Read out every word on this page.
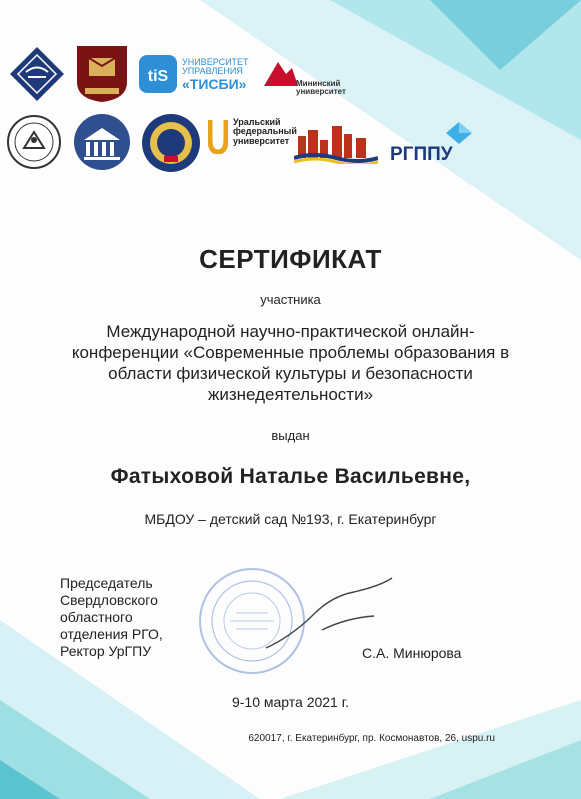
tiS
УНИВЕРСИТЕТ
УПРАВЛЕНИЯ
«ТИСБИ»	Мининский
университет
Уральский
федеральный
университет
РГППУ
СЕРТИФИКАТ
участника
Международной научно-практической онлайн-
конференции «Современные проблемы образования в
области физической культуры и безопасности
жизнедеятельности»
выдан
Фатыховой Наталье Васильевне,
МБДОУ – детский сад №193, г. Екатеринбург
Председатель
Свердловского
областного
отделения РГО,
Ректор УрГПУ	С.А. Минюрова
9-10 марта 2021 г.
620017, г. Екатеринбург, пр. Космонавтов, 26, uspu.ru
